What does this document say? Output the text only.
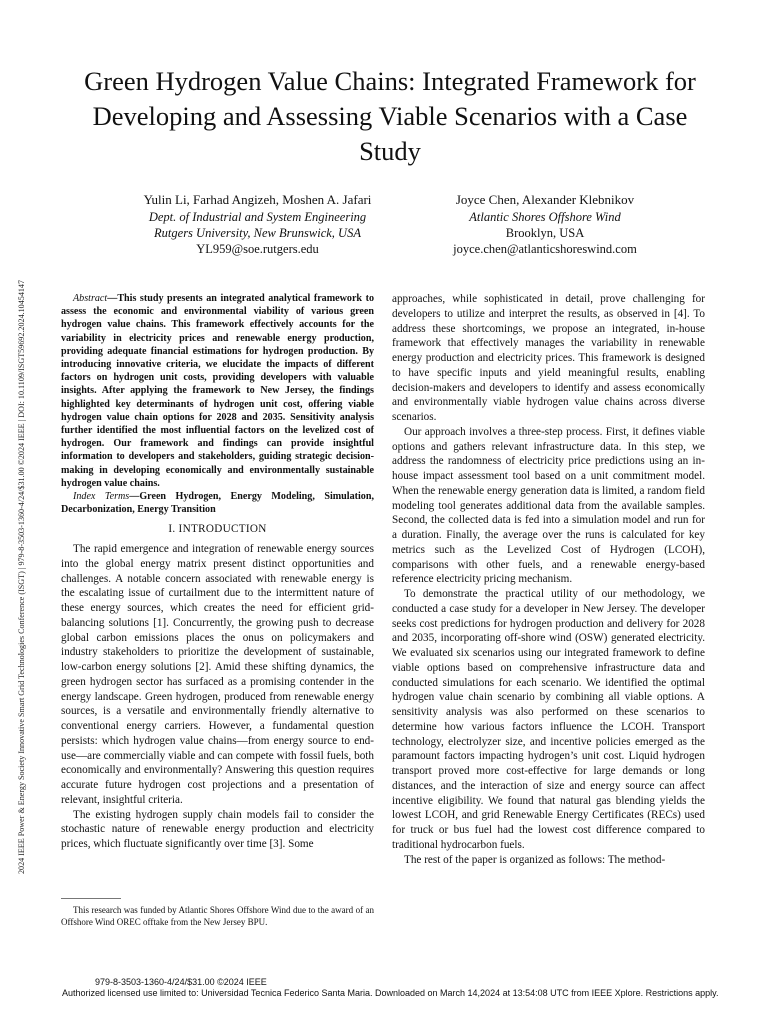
2024 IEEE Power & Energy Society Innovative Smart Grid Technologies Conference (ISGT) | 979-8-3503-1360-4/24/$31.00 ©2024 IEEE | DOI: 10.1109/ISGT59692.2024.10454147
Green Hydrogen Value Chains: Integrated Framework for Developing and Assessing Viable Scenarios with a Case Study
Yulin Li, Farhad Angizeh, Moshen A. Jafari
Dept. of Industrial and System Engineering
Rutgers University, New Brunswick, USA
YL959@soe.rutgers.edu
Joyce Chen, Alexander Klebnikov
Atlantic Shores Offshore Wind
Brooklyn, USA
joyce.chen@atlanticshoreswind.com

Abstract—This study presents an integrated analytical framework to assess the economic and environmental viability of various green hydrogen value chains. This framework effectively accounts for the variability in electricity prices and renewable energy production, providing adequate financial estimations for hydrogen production. By introducing innovative criteria, we elucidate the impacts of different factors on hydrogen unit costs, providing developers with valuable insights. After applying the framework to New Jersey, the findings highlighted key determinants of hydrogen unit cost, offering viable hydrogen value chain options for 2028 and 2035. Sensitivity analysis further identified the most influential factors on the levelized cost of hydrogen. Our framework and findings can provide insightful information to developers and stakeholders, guiding strategic decision-making in developing economically and environmentally sustainable hydrogen value chains.

Index Terms—Green Hydrogen, Energy Modeling, Simulation, Decarbonization, Energy Transition

I. INTRODUCTION

The rapid emergence and integration of renewable energy sources into the global energy matrix present distinct opportunities and challenges. A notable concern associated with renewable energy is the escalating issue of curtailment due to the intermittent nature of these energy sources, which creates the need for efficient grid-balancing solutions [1]. Concurrently, the growing push to decrease global carbon emissions places the onus on policymakers and industry stakeholders to prioritize the development of sustainable, low-carbon energy solutions [2]. Amid these shifting dynamics, the green hydrogen sector has surfaced as a promising contender in the energy landscape. Green hydrogen, produced from renewable energy sources, is a versatile and environmentally friendly alternative to conventional energy carriers. However, a fundamental question persists: which hydrogen value chains—from energy source to end-use—are commercially viable and can compete with fossil fuels, both economically and environmentally? Answering this question requires accurate future hydrogen cost projections and a presentation of relevant, insightful criteria.

The existing hydrogen supply chain models fail to consider the stochastic nature of renewable energy production and electricity prices, which fluctuate significantly over time [3]. Some

This research was funded by Atlantic Shores Offshore Wind due to the award of an Offshore Wind OREC offtake from the New Jersey BPU.

approaches, while sophisticated in detail, prove challenging for developers to utilize and interpret the results, as observed in [4]. To address these shortcomings, we propose an integrated, in-house framework that effectively manages the variability in renewable energy production and electricity prices. This framework is designed to have specific inputs and yield meaningful results, enabling decision-makers and developers to identify and assess economically and environmentally viable hydrogen value chains across diverse scenarios.

Our approach involves a three-step process. First, it defines viable options and gathers relevant infrastructure data. In this step, we address the randomness of electricity price predictions using an in-house impact assessment tool based on a unit commitment model. When the renewable energy generation data is limited, a random field modeling tool generates additional data from the available samples. Second, the collected data is fed into a simulation model and run for a duration. Finally, the average over the runs is calculated for key metrics such as the Levelized Cost of Hydrogen (LCOH), comparisons with other fuels, and a renewable energy-based reference electricity pricing mechanism.

To demonstrate the practical utility of our methodology, we conducted a case study for a developer in New Jersey. The developer seeks cost predictions for hydrogen production and delivery for 2028 and 2035, incorporating off-shore wind (OSW) generated electricity. We evaluated six scenarios using our integrated framework to define viable options based on comprehensive infrastructure data and conducted simulations for each scenario. We identified the optimal hydrogen value chain scenario by combining all viable options. A sensitivity analysis was also performed on these scenarios to determine how various factors influence the LCOH. Transport technology, electrolyzer size, and incentive policies emerged as the paramount factors impacting hydrogen’s unit cost. Liquid hydrogen transport proved more cost-effective for large demands or long distances, and the interaction of size and energy source can affect incentive eligibility. We found that natural gas blending yields the lowest LCOH, and grid Renewable Energy Certificates (RECs) used for truck or bus fuel had the lowest cost difference compared to traditional hydrocarbon fuels.

The rest of the paper is organized as follows: The method-

979-8-3503-1360-4/24/$31.00 ©2024 IEEE
Authorized licensed use limited to: Universidad Tecnica Federico Santa Maria. Downloaded on March 14,2024 at 13:54:08 UTC from IEEE Xplore. Restrictions apply.
